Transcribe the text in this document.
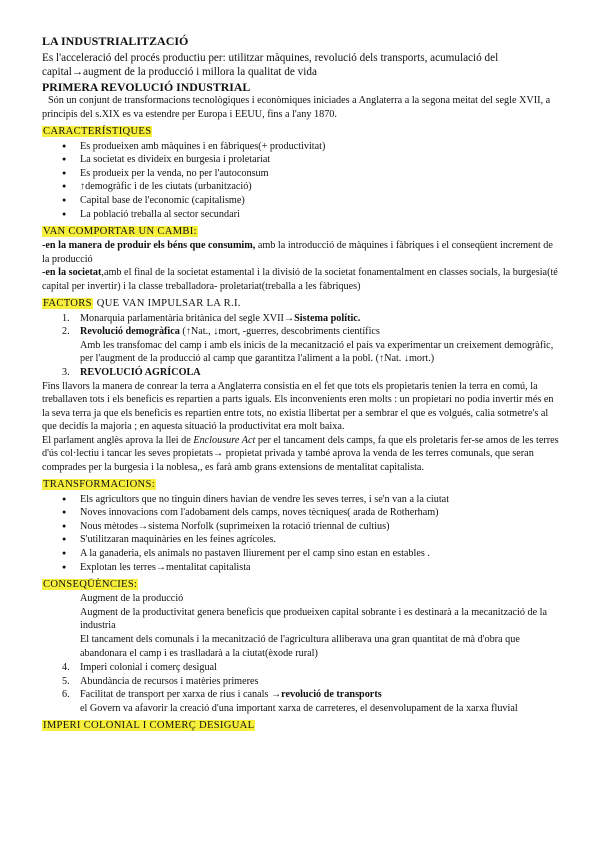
LA INDUSTRIALITZACIÓ
Es l'acceleració del procés productiu per: utilitzar màquines, revolució dels transports, acumulació del capital→augment de la producció i millora la qualitat de vida
PRIMERA REVOLUCIÓ INDUSTRIAL
Són un conjunt de transformacions tecnològiques i econòmiques iniciades a Anglaterra a la segona meitat del segle XVII, a principis del s.XIX es va estendre per Europa i EEUU, fins a l'any 1870.
CARACTERÍSTIQUES
● Es produeixen amb màquines i en fàbriques(+ productivitat)
● La societat es divideix en burgesia i proletariat
● Es produeix per la venda, no per l'autoconsum
● ↑demogràfic i de les ciutats (urbanització)
● Capital base de l'economic (capitalisme)
● La població treballa al sector secundari
VAN COMPORTAR UN CAMBI:
-en la manera de produir els béns que consumim, amb la introducció de màquines i fàbriques i el conseqüent increment de la producció
-en la societat,amb el final de la societat estamental i la divisió de la societat fonamentalment en classes socials, la burgesia(té capital per invertir) i la classe treballadora- proletariat(treballa a les fàbriques)
FACTORS QUE VAN IMPULSAR LA R.I.
1. Monarquia parlamentària britànica del segle XVII→Sistema polític.
2. Revolució demogràfica (↑Nat., ↓mort, -guerres, descobriments científics
Amb les transfomac del camp i amb els inicis de la mecanització el país va experimentar un creixement demogràfic, per l'augment de la producció al camp que garantitza l'aliment a la pobl. (↑Nat. ↓mort.)
3. REVOLUCIÓ AGRÍCOLA
Fins llavors la manera de conrear la terra a Anglaterra consistia en el fet que tots els propietaris tenien la terra en comú, la treballaven tots i els beneficis es repartien a parts iguals. Els inconvenients eren molts : un propietari no podia invertir més en la seva terra ja que els beneficis es repartien entre tots, no existia llibertat per a sembrar el que es volgués, calia sotmetre's al que decidís la majoria ; en aquesta situació la productivitat era molt baixa.
El parlament anglès aprova la llei de Enclousure Act per el tancament dels camps, fa que els proletaris fer-se amos de les terres d'ús col·lectiu i tancar les seves propietats→ propietat privada y també aprova la venda de les terres comunals, que seran comprades per la burgesia i la noblesa,, es farà amb grans extensions de mentalitat capitalista.
TRANSFORMACIONS:
● Els agricultors que no tinguin diners havian de vendre les seves terres, i se'n van a la ciutat
● Noves innovacions com l'adobament dels camps, noves tècniques( arada de Rotherham)
● Nous mètodes→sistema Norfolk (suprimeixen la rotació triennal de cultius)
● S'utilitzaran maquinàries en les feines agrícoles.
● A la ganaderia, els animals no pastaven lliurement per el camp sino estan en estables .
● Explotan les terres→mentalitat capitalista
CONSEQÜÈNCIES:
Augment de la producció
Augment de la productivitat genera beneficis que produeixen capital sobrante i es destinarà a la mecanització de la industria
El tancament dels comunals i la mecanització de l'agricultura alliberava una gran quantitat de mà d'obra que abandonara el camp i es traslladarà a la ciutat(èxode rural)
4. Imperi colonial i comerç desigual
5. Abundància de recursos i matèries primeres
6. Facilitat de transport per xarxa de rius i canals →revolució de transports
el Govern va afavorir la creació d'una important xarxa de carreteres, el desenvolupament de la xarxa fluvial
IMPERI COLONIAL I COMERÇ DESIGUAL
